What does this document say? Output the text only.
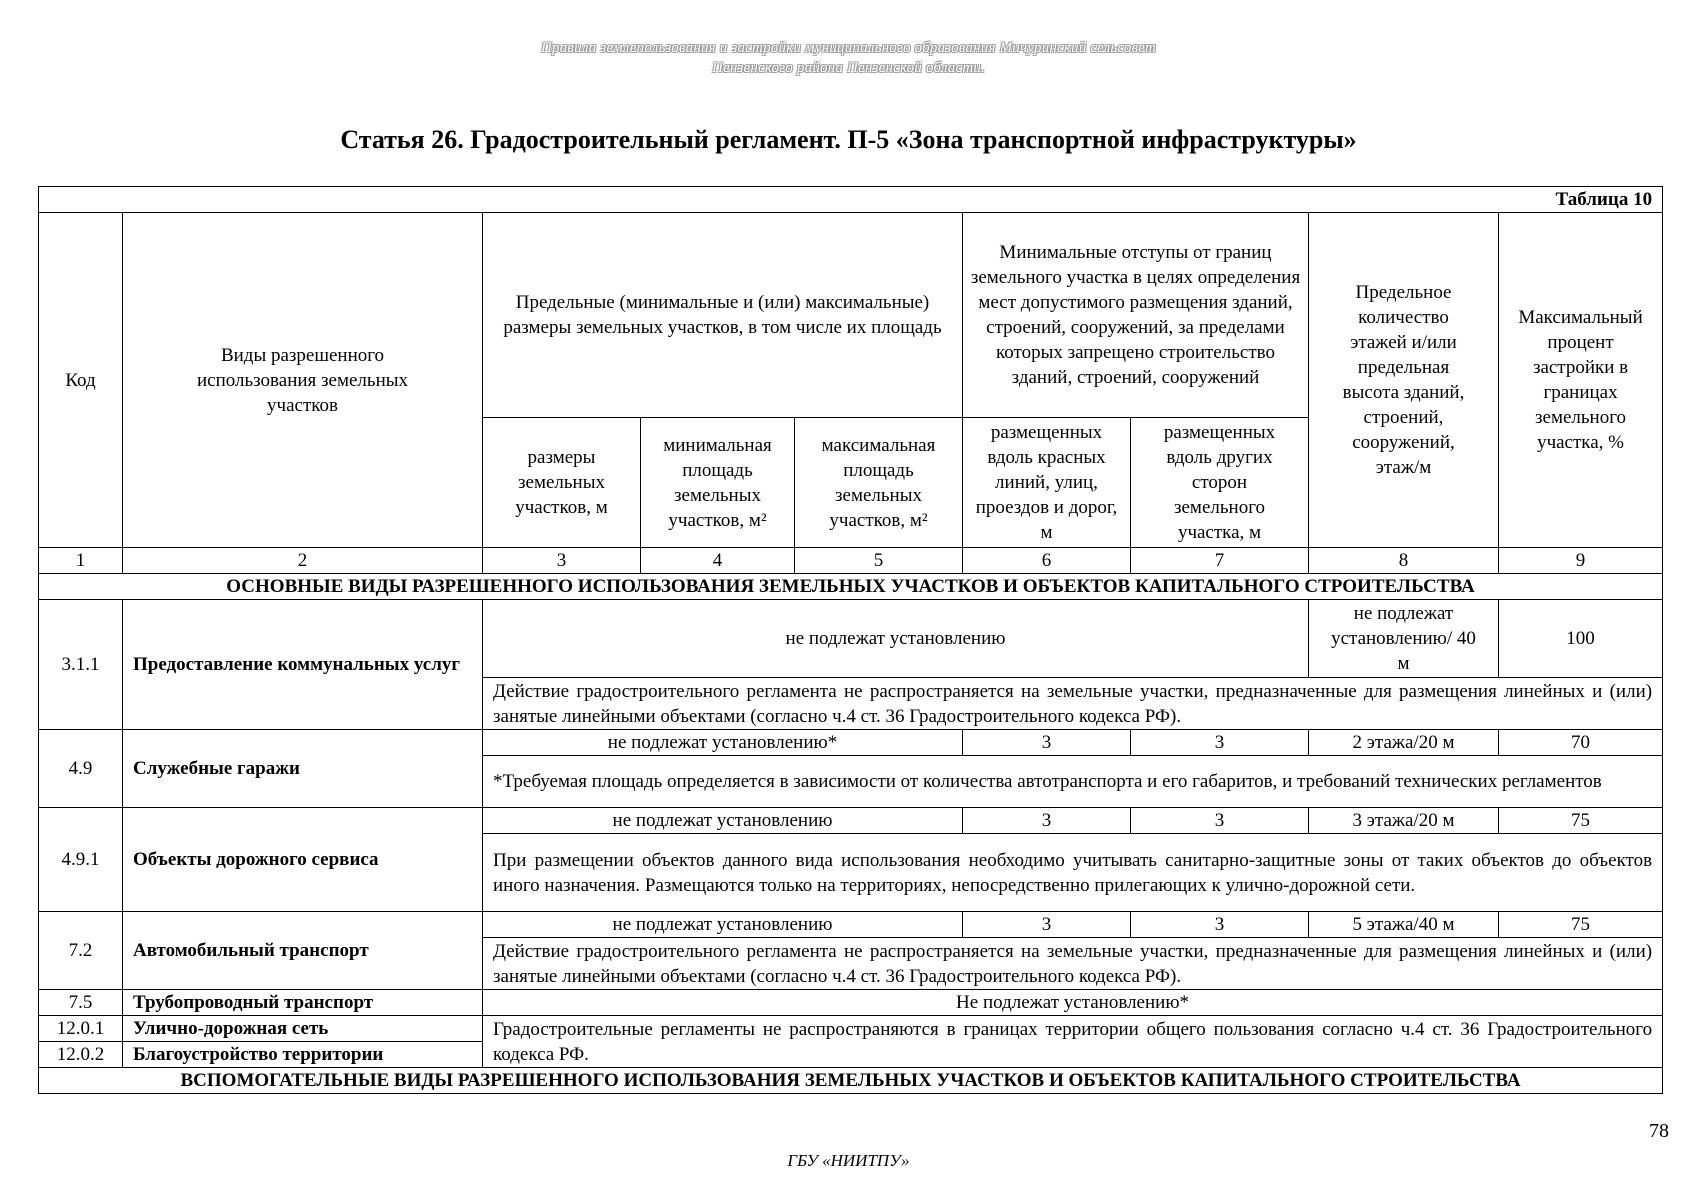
Правила землепользования и застройки муниципального образования Мичуринский сельсовет
Пензенского района Пензенской области.
Статья 26. Градостроительный регламент. П-5 «Зона транспортной инфраструктуры»
Таблица 10								
Код	Виды разрешенного использования земельных участков	Предельные (минимальные и (или) максимальные) размеры земельных участков, в том числе их площадь			Минимальные отступы от границ земельного участка в целях определения мест допустимого размещения зданий, строений, сооружений, за пределами которых запрещено строительство зданий, строений, сооружений		Предельное количество этажей и/или предельная высота зданий, строений, сооружений, этаж/м	Максимальный процент застройки в границах земельного участка, %
		размеры земельных участков, м	минимальная площадь земельных участков, м²	максимальная площадь земельных участков, м²	размещенных вдоль красных линий, улиц, проездов и дорог, м	размещенных вдоль других сторон земельного участка, м		
1	2	3	4	5	6	7	8	9
ОСНОВНЫЕ ВИДЫ РАЗРЕШЕННОГО ИСПОЛЬЗОВАНИЯ ЗЕМЕЛЬНЫХ УЧАСТКОВ И ОБЪЕКТОВ КАПИТАЛЬНОГО СТРОИТЕЛЬСТВА								
3.1.1	Предоставление коммунальных услуг	не подлежат установлению					не подлежат установлению/ 40 м	100
		Действие градостроительного регламента не распространяется на земельные участки, предназначенные для размещения линейных и (или) занятые линейными объектами (согласно ч.4 ст. 36 Градостроительного кодекса РФ).						
4.9	Служебные гаражи	не подлежат установлению*			3	3	2 этажа/20 м	70
		*Требуемая площадь определяется в зависимости от количества автотранспорта и его габаритов, и требований технических регламентов						
4.9.1	Объекты дорожного сервиса	не подлежат установлению			3	3	3 этажа/20 м	75
		При размещении объектов данного вида использования необходимо учитывать санитарно-защитные зоны от таких объектов до объектов иного назначения. Размещаются только на территориях, непосредственно прилегающих к улично-дорожной сети.						
7.2	Автомобильный транспорт	не подлежат установлению			3	3	5 этажа/40 м	75
		Действие градостроительного регламента не распространяется на земельные участки, предназначенные для размещения линейных и (или) занятые линейными объектами (согласно ч.4 ст. 36 Градостроительного кодекса РФ).						
7.5	Трубопроводный транспорт	Не подлежат установлению*						
12.0.1	Улично-дорожная сеть	Градостроительные регламенты не распространяются в границах территории общего пользования согласно ч.4 ст. 36 Градостроительного кодекса РФ.						
12.0.2	Благоустройство территории							
ВСПОМОГАТЕЛЬНЫЕ ВИДЫ РАЗРЕШЕННОГО ИСПОЛЬЗОВАНИЯ ЗЕМЕЛЬНЫХ УЧАСТКОВ И ОБЪЕКТОВ КАПИТАЛЬНОГО СТРОИТЕЛЬСТВА								
78
ГБУ «НИИТПУ»
